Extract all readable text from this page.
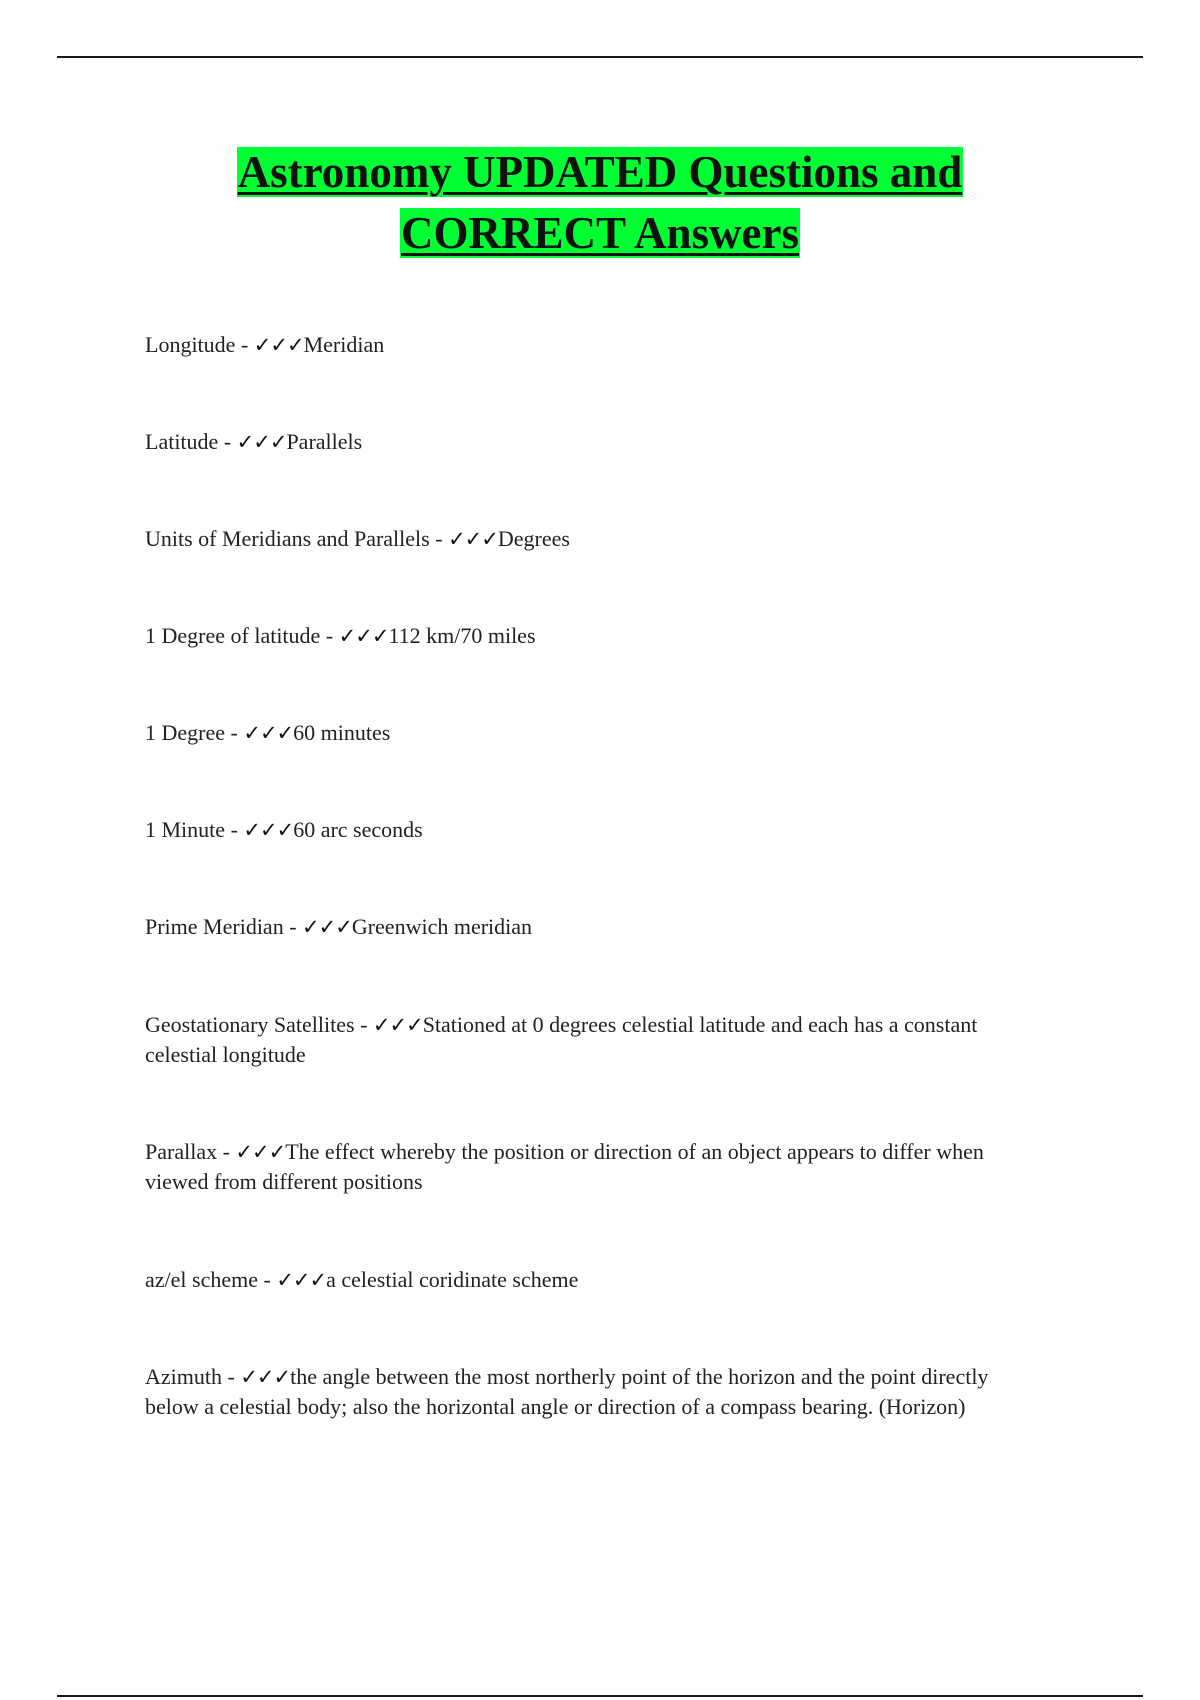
Astronomy UPDATED Questions and
CORRECT Answers
Longitude - ✓✓✓Meridian
Latitude - ✓✓✓Parallels
Units of Meridians and Parallels - ✓✓✓Degrees
1 Degree of latitude - ✓✓✓112 km/70 miles
1 Degree - ✓✓✓60 minutes
1 Minute - ✓✓✓60 arc seconds
Prime Meridian - ✓✓✓Greenwich meridian
Geostationary Satellites - ✓✓✓Stationed at 0 degrees celestial latitude and each has a constant celestial longitude
Parallax - ✓✓✓The effect whereby the position or direction of an object appears to differ when viewed from different positions
az/el scheme - ✓✓✓a celestial coridinate scheme
Azimuth - ✓✓✓the angle between the most northerly point of the horizon and the point directly below a celestial body; also the horizontal angle or direction of a compass bearing. (Horizon)
